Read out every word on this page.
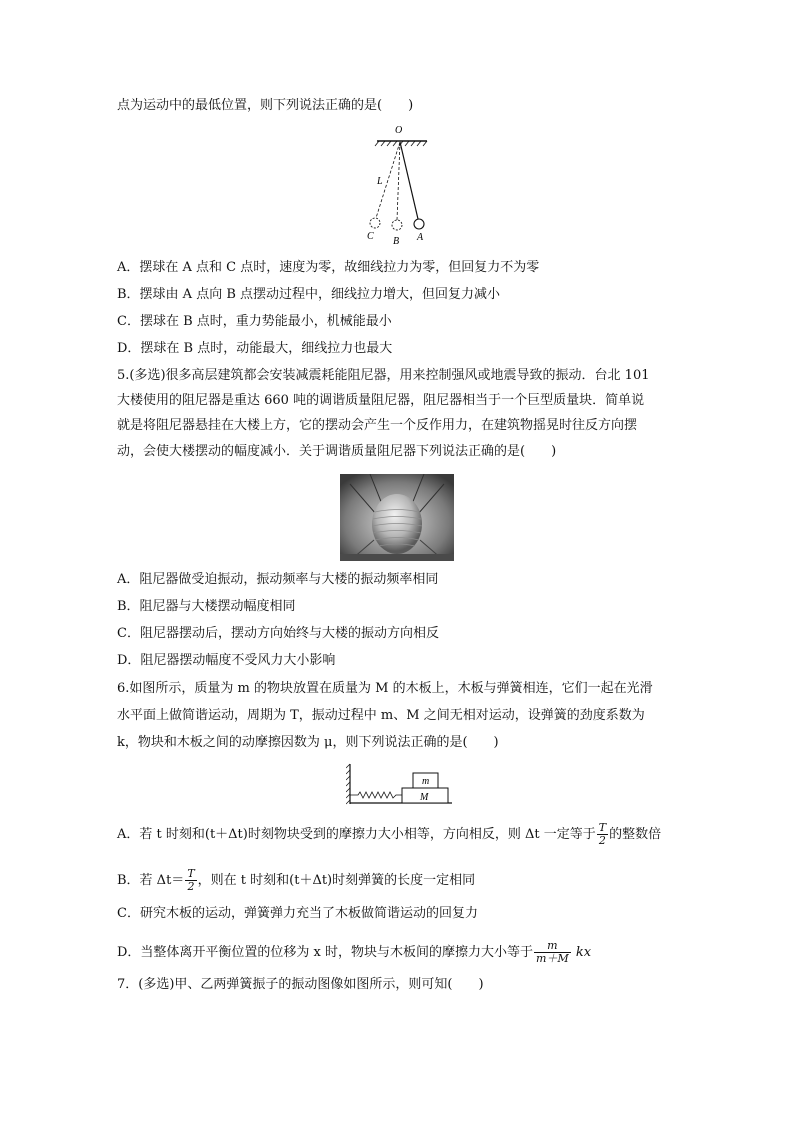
点为运动中的最低位置，则下列说法正确的是(　　)
O
L
C B A
A．摆球在 A 点和 C 点时，速度为零，故细线拉力为零，但回复力不为零
B．摆球由 A 点向 B 点摆动过程中，细线拉力增大，但回复力减小
C．摆球在 B 点时，重力势能最小，机械能最小
D．摆球在 B 点时，动能最大，细线拉力也最大
5.(多选)很多高层建筑都会安装减震耗能阻尼器，用来控制强风或地震导致的振动．台北 101
大楼使用的阻尼器是重达 660 吨的调谐质量阻尼器，阻尼器相当于一个巨型质量块．简单说
就是将阻尼器悬挂在大楼上方，它的摆动会产生一个反作用力，在建筑物摇晃时往反方向摆
动，会使大楼摆动的幅度减小．关于调谐质量阻尼器下列说法正确的是(　　)
A．阻尼器做受迫振动，振动频率与大楼的振动频率相同
B．阻尼器与大楼摆动幅度相同
C．阻尼器摆动后，摆动方向始终与大楼的振动方向相反
D．阻尼器摆动幅度不受风力大小影响
6.如图所示，质量为 m 的物块放置在质量为 M 的木板上，木板与弹簧相连，它们一起在光滑
水平面上做简谐运动，周期为 T，振动过程中 m、M 之间无相对运动，设弹簧的劲度系数为
k，物块和木板之间的动摩擦因数为 μ，则下列说法正确的是(　　)
m
M
A．若 t 时刻和(t＋Δt)时刻物块受到的摩擦力大小相等，方向相反，则 Δt 一定等于 $\frac{T}{2}$ 的整数倍
B．若 $\Delta t= \frac{T}{2}$ ，则在 t 时刻和(t＋Δt)时刻弹簧的长度一定相同
C．研究木板的运动，弹簧弹力充当了木板做简谐运动的回复力
D．当整体离开平衡位置的位移为 x 时，物块与木板间的摩擦力大小等于 $\frac{m}{m+M}$ kx
7．(多选)甲、乙两弹簧振子的振动图像如图所示，则可知(　　)
